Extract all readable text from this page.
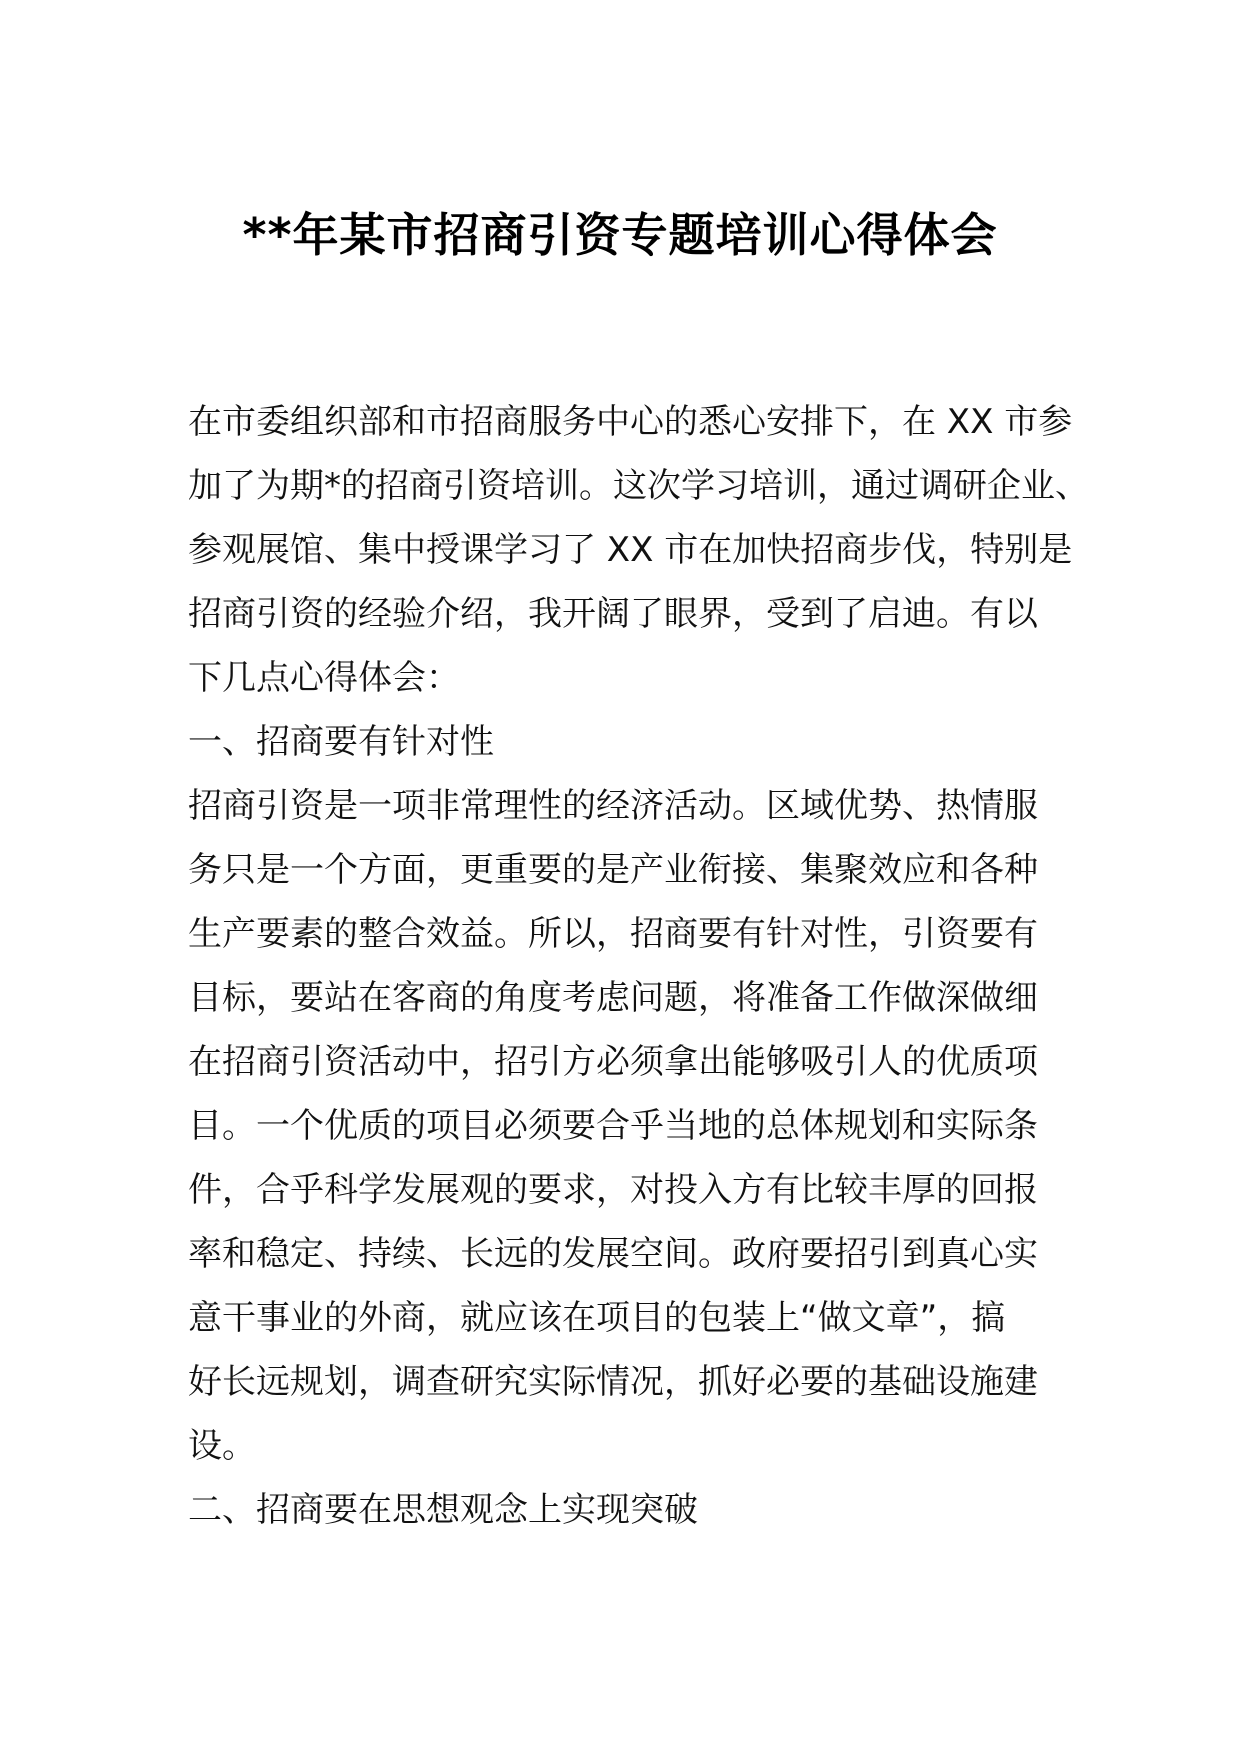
**年某市招商引资专题培训心得体会
在市委组织部和市招商服务中心的悉心安排下，在 XX 市参
加了为期*的招商引资培训。这次学习培训，通过调研企业、
参观展馆、集中授课学习了 XX 市在加快招商步伐，特别是
招商引资的经验介绍，我开阔了眼界，受到了启迪。有以
下几点心得体会：
一、招商要有针对性
招商引资是一项非常理性的经济活动。区域优势、热情服
务只是一个方面，更重要的是产业衔接、集聚效应和各种
生产要素的整合效益。所以，招商要有针对性，引资要有
目标，要站在客商的角度考虑问题，将准备工作做深做细
在招商引资活动中，招引方必须拿出能够吸引人的优质项
目。一个优质的项目必须要合乎当地的总体规划和实际条
件，合乎科学发展观的要求，对投入方有比较丰厚的回报
率和稳定、持续、长远的发展空间。政府要招引到真心实
意干事业的外商，就应该在项目的包装上“做文章”，搞
好长远规划，调查研究实际情况，抓好必要的基础设施建
设。
二、招商要在思想观念上实现突破
